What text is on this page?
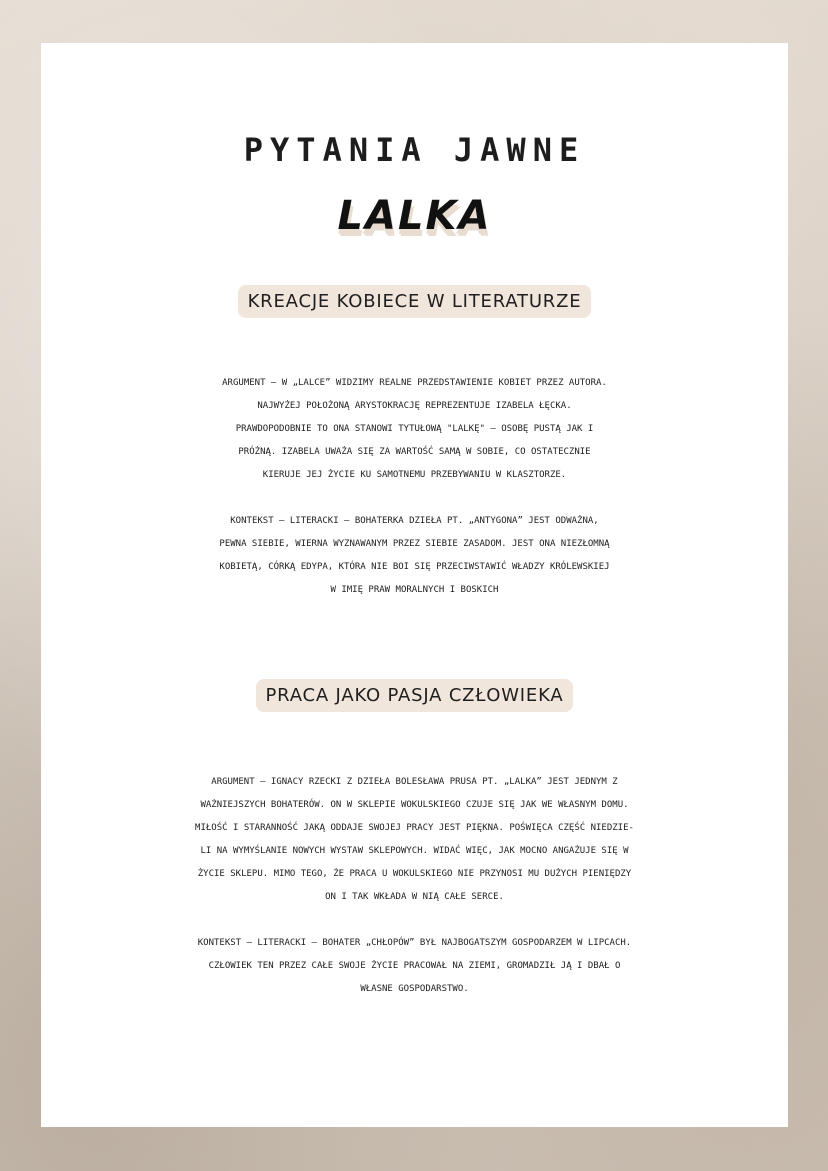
PYTANIA JAWNE
LALKA
KREACJE KOBIECE W LITERATURZE

ARGUMENT – W „LALCE” WIDZIMY REALNE PRZEDSTAWIENIE KOBIET PRZEZ AUTORA.
NAJWYŻEJ POŁOŻONĄ ARYSTOKRACJĘ REPREZENTUJE IZABELA ŁĘCKA.
PRAWDOPODOBNIE TO ONA STANOWI TYTUŁOWĄ "LALKĘ" – OSOBĘ PUSTĄ JAK I
PRÓŻNĄ. IZABELA UWAŻA SIĘ ZA WARTOŚĆ SAMĄ W SOBIE, CO OSTATECZNIE
KIERUJE JEJ ŻYCIE KU SAMOTNEMU PRZEBYWANIU W KLASZTORZE.

KONTEKST – LITERACKI – BOHATERKA DZIEŁA PT. „ANTYGONA” JEST ODWAŻNA,
PEWNA SIEBIE, WIERNA WYZNAWANYM PRZEZ SIEBIE ZASADOM. JEST ONA NIEZŁOMNĄ
KOBIETĄ, CÓRKĄ EDYPA, KTÓRA NIE BOI SIĘ PRZECIWSTAWIĆ WŁADZY KRÓLEWSKIEJ
W IMIĘ PRAW MORALNYCH I BOSKICH

PRACA JAKO PASJA CZŁOWIEKA

ARGUMENT – IGNACY RZECKI Z DZIEŁA BOLESŁAWA PRUSA PT. „LALKA” JEST JEDNYM Z
WAŻNIEJSZYCH BOHATERÓW. ON W SKLEPIE WOKULSKIEGO CZUJE SIĘ JAK WE WŁASNYM DOMU.
MIŁOŚĆ I STARANNOŚĆ JAKĄ ODDAJE SWOJEJ PRACY JEST PIĘKNA. POŚWIĘCA CZĘŚĆ NIEDZIE-
LI NA WYMYŚLANIE NOWYCH WYSTAW SKLEPOWYCH. WIDAĆ WIĘC, JAK MOCNO ANGAŻUJE SIĘ W
ŻYCIE SKLEPU. MIMO TEGO, ŻE PRACA U WOKULSKIEGO NIE PRZYNOSI MU DUŻYCH PIENIĘDZY
ON I TAK WKŁADA W NIĄ CAŁE SERCE.

KONTEKST – LITERACKI – BOHATER „CHŁOPÓW” BYŁ NAJBOGATSZYM GOSPODARZEM W LIPCACH.
CZŁOWIEK TEN PRZEZ CAŁE SWOJE ŻYCIE PRACOWAŁ NA ZIEMI, GROMADZIŁ JĄ I DBAŁ O
WŁASNE GOSPODARSTWO.
